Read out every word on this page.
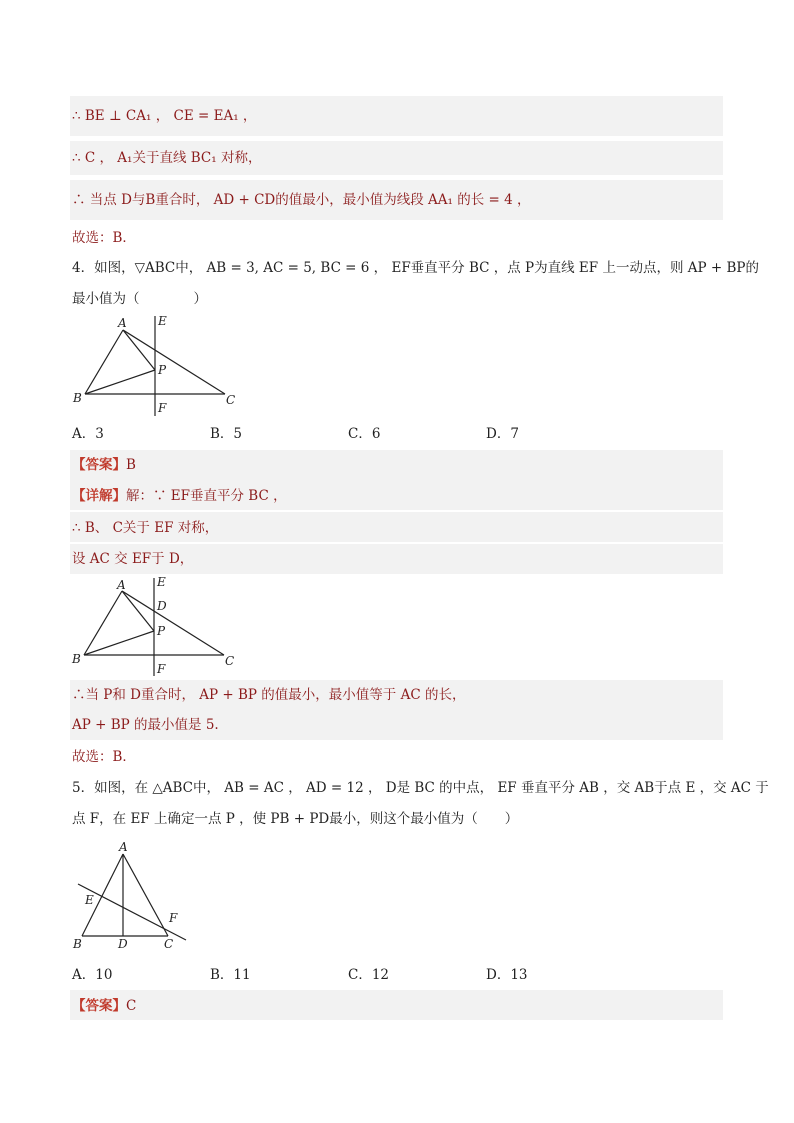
∴ BE ⊥ CA₁ ， CE = EA₁ ，
∴ C ， A₁关于直线 BC₁ 对称，
∴ 当点 D与B重合时， AD + CD的值最小，最小值为线段 AA₁ 的长 = 4 ，
故选：B．
4．如图，▽ABC中， AB = 3, AC = 5, BC = 6 ， EF垂直平分 BC ，点 P为直线 EF 上一动点，则 AP + BP的
最小值为（　　　　）
A	E
P
B
F
C
A．3	B．5	C．6	D．7
【答案】B
【详解】解：∵ EF垂直平分 BC ，
∴ B、 C关于 EF 对称，
设 AC 交 EF于 D，
A	E
D
P
B
F
C
∴当 P和 D重合时， AP + BP 的值最小，最小值等于 AC 的长，
AP + BP 的最小值是 5.
故选：B．
5．如图，在 △ABC中， AB = AC ， AD = 12 ， D是 BC 的中点， EF 垂直平分 AB ，交 AB于点 E ，交 AC 于
点 F，在 EF 上确定一点 P ，使 PB + PD最小，则这个最小值为（　　）
A
E
F
B	D	C
A．10	B．11	C．12	D．13
【答案】C
